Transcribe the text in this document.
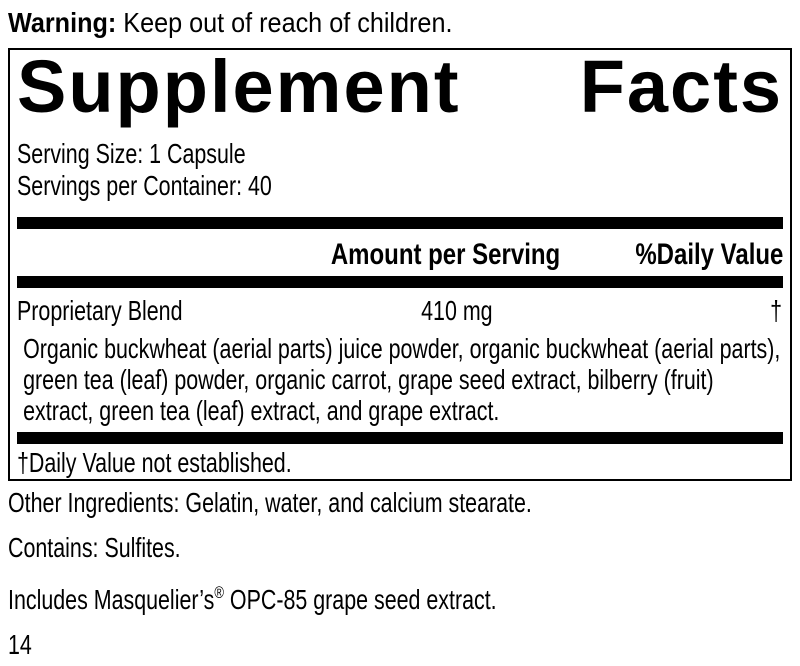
Warning: Keep out of reach of children.
Supplement Facts
Serving Size: 1 Capsule
Servings per Container: 40
Amount per Serving	%Daily Value
Proprietary Blend	410 mg	†
Organic buckwheat (aerial parts) juice powder, organic buckwheat (aerial parts), green tea (leaf) powder, organic carrot, grape seed extract, bilberry (fruit) extract, green tea (leaf) extract, and grape extract.
†Daily Value not established.
Other Ingredients: Gelatin, water, and calcium stearate.
Contains: Sulfites.
Includes Masquelier’s® OPC-85 grape seed extract.
14
